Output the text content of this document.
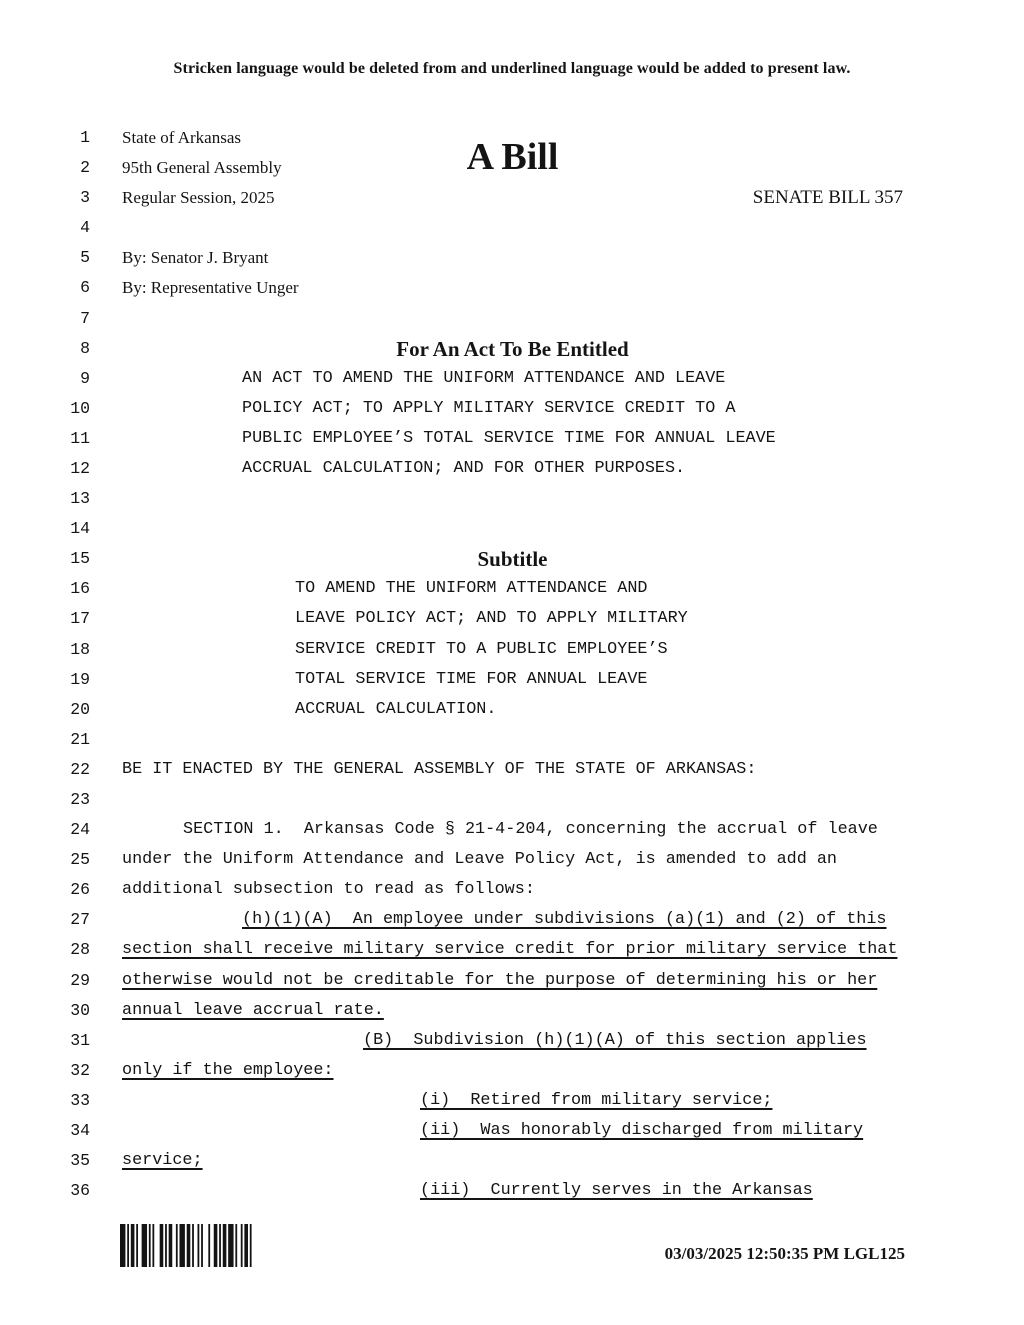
Stricken language would be deleted from and underlined language would be added to present law.
A Bill
1 State of Arkansas
2 95th General Assembly
3 Regular Session, 2025	SENATE BILL 357
4
5 By: Senator J. Bryant
6 By: Representative Unger
7
8	For An Act To Be Entitled
9	AN ACT TO AMEND THE UNIFORM ATTENDANCE AND LEAVE
10	POLICY ACT; TO APPLY MILITARY SERVICE CREDIT TO A
11	PUBLIC EMPLOYEE’S TOTAL SERVICE TIME FOR ANNUAL LEAVE
12	ACCRUAL CALCULATION; AND FOR OTHER PURPOSES.
13
14
15	Subtitle
16	TO AMEND THE UNIFORM ATTENDANCE AND
17	LEAVE POLICY ACT; AND TO APPLY MILITARY
18	SERVICE CREDIT TO A PUBLIC EMPLOYEE’S
19	TOTAL SERVICE TIME FOR ANNUAL LEAVE
20	ACCRUAL CALCULATION.
21
22 BE IT ENACTED BY THE GENERAL ASSEMBLY OF THE STATE OF ARKANSAS:
23
24	SECTION 1.  Arkansas Code § 21-4-204, concerning the accrual of leave
25 under the Uniform Attendance and Leave Policy Act, is amended to add an
26 additional subsection to read as follows:
27	(h)(1)(A)  An employee under subdivisions (a)(1) and (2) of this
28 section shall receive military service credit for prior military service that
29 otherwise would not be creditable for the purpose of determining his or her
30 annual leave accrual rate.
31	(B)  Subdivision (h)(1)(A) of this section applies
32 only if the employee:
33	(i)  Retired from military service;
34	(ii)  Was honorably discharged from military
35 service;
36	(iii)  Currently serves in the Arkansas
03/03/2025 12:50:35 PM LGL125
